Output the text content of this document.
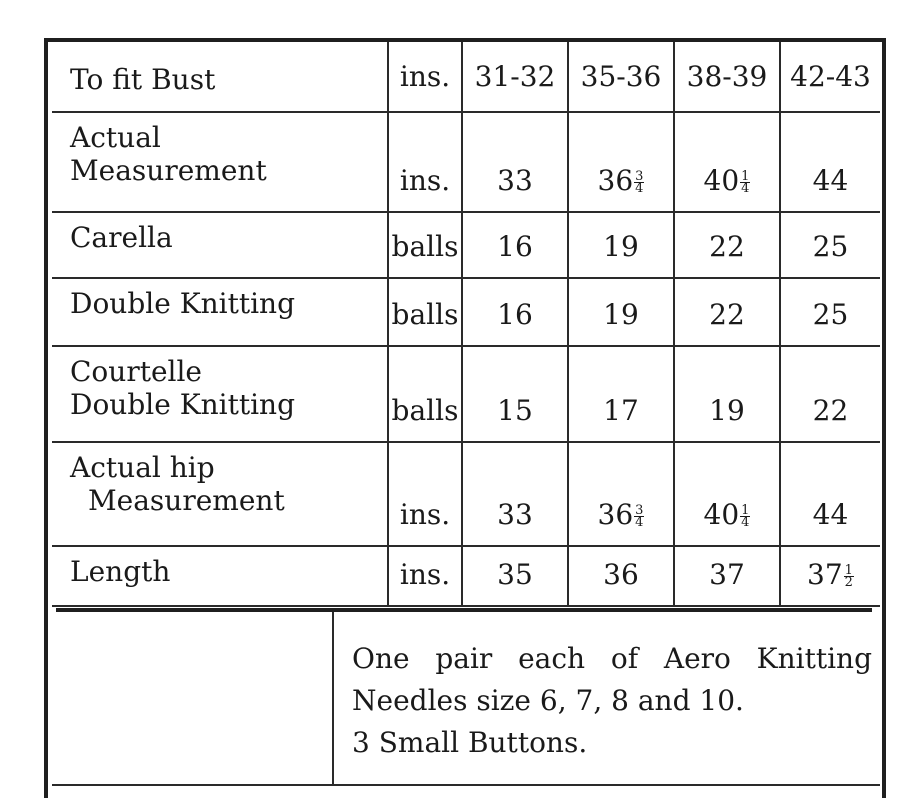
To fit Bust	ins.	31-32	35-36	38-39	42-43

Actual
Measurement	ins.	33	$36 \frac{3}{4}$	$40 \frac{1}{4}$	44

Carella	balls	16	19	22	25

Double Knitting	balls	16	19	22	25

Courtelle
Double Knitting	balls	15	17	19	22

Actual hip
Measurement	ins.	33	$36 \frac{3}{4}$	$40 \frac{1}{4}$	44

Length	ins.	35	36	37	$37 \frac{1}{2}$
One pair each of Aero Knitting
Needles size 6, 7, 8 and 10.
3 Small Buttons.
